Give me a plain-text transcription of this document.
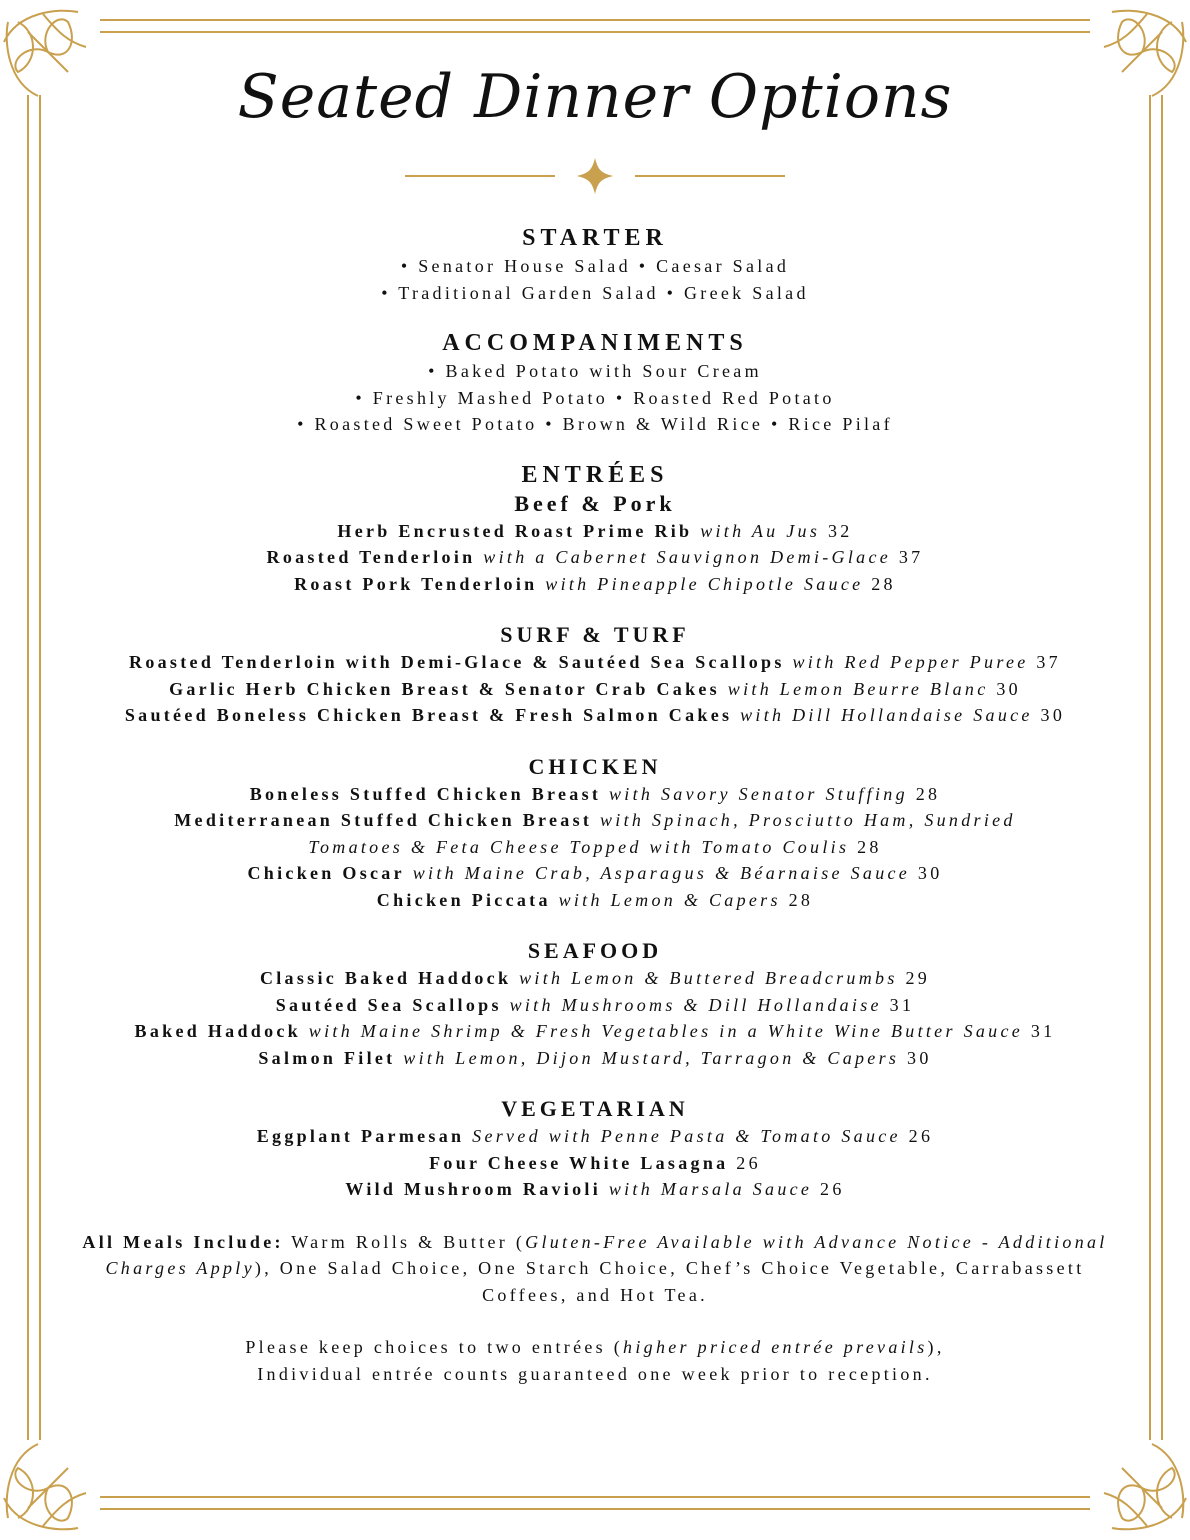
Seated Dinner Options
STARTER
• Senator House Salad • Caesar Salad
• Traditional Garden Salad • Greek Salad
ACCOMPANIMENTS
• Baked Potato with Sour Cream
• Freshly Mashed Potato • Roasted Red Potato
• Roasted Sweet Potato • Brown & Wild Rice • Rice Pilaf
ENTRÉES
Beef & Pork
Herb Encrusted Roast Prime Rib with Au Jus 32
Roasted Tenderloin with a Cabernet Sauvignon Demi-Glace 37
Roast Pork Tenderloin with Pineapple Chipotle Sauce 28
SURF & TURF
Roasted Tenderloin with Demi-Glace & Sautéed Sea Scallops with Red Pepper Puree 37
Garlic Herb Chicken Breast & Senator Crab Cakes with Lemon Beurre Blanc 30
Sautéed Boneless Chicken Breast & Fresh Salmon Cakes with Dill Hollandaise Sauce 30
CHICKEN
Boneless Stuffed Chicken Breast with Savory Senator Stuffing 28
Mediterranean Stuffed Chicken Breast with Spinach, Prosciutto Ham, Sundried
Tomatoes & Feta Cheese Topped with Tomato Coulis 28
Chicken Oscar with Maine Crab, Asparagus & Béarnaise Sauce 30
Chicken Piccata with Lemon & Capers 28
SEAFOOD
Classic Baked Haddock with Lemon & Buttered Breadcrumbs 29
Sautéed Sea Scallops with Mushrooms & Dill Hollandaise 31
Baked Haddock with Maine Shrimp & Fresh Vegetables in a White Wine Butter Sauce 31
Salmon Filet with Lemon, Dijon Mustard, Tarragon & Capers 30
VEGETARIAN
Eggplant Parmesan Served with Penne Pasta & Tomato Sauce 26
Four Cheese White Lasagna 26
Wild Mushroom Ravioli with Marsala Sauce 26
All Meals Include: Warm Rolls & Butter (Gluten-Free Available with Advance Notice - Additional Charges Apply), One Salad Choice, One Starch Choice, Chef’s Choice Vegetable, Carrabassett Coffees, and Hot Tea.
Please keep choices to two entrées (higher priced entrée prevails),
Individual entrée counts guaranteed one week prior to reception.
